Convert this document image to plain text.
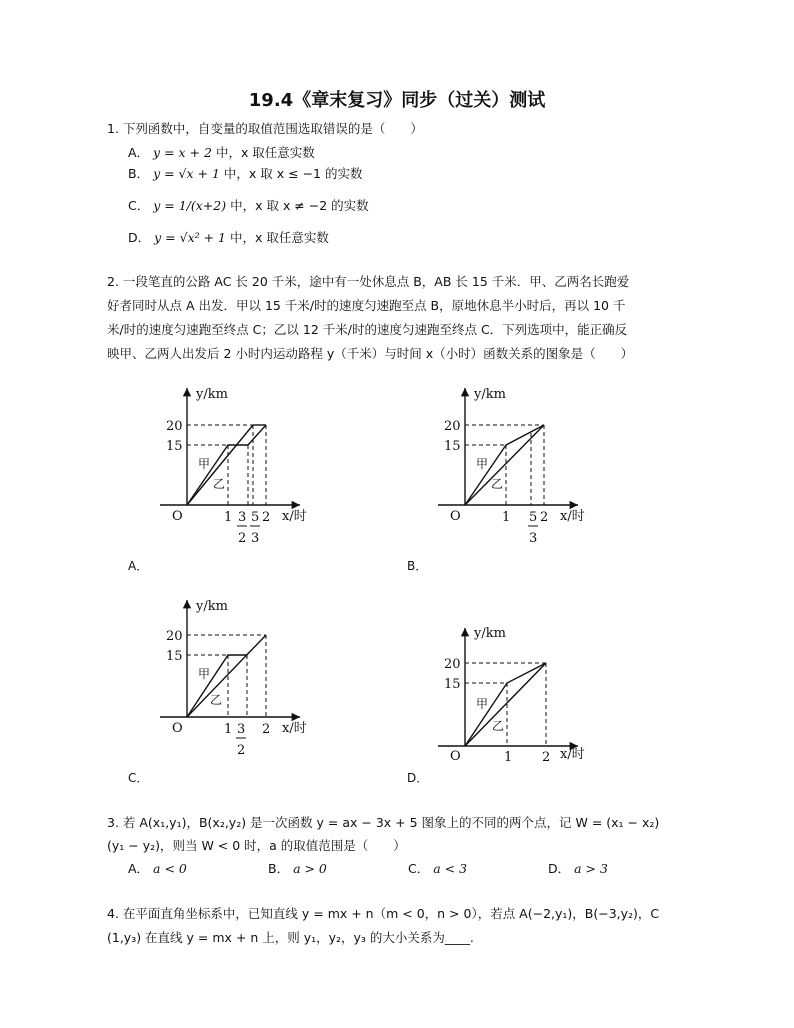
19.4《章末复习》同步（过关）测试
1. 下列函数中，自变量的取值范围选取错误的是（　　）
A． y = x + 2 中，x 取任意实数
B． y = √x + 1 中，x 取 x ≤ −1 的实数
C． y = 1/(x+2) 中，x 取 x ≠ −2 的实数
D． y = √x² + 1 中，x 取任意实数
2. 一段笔直的公路 AC 长 20 千米，途中有一处休息点 B，AB 长 15 千米．甲、乙两名长跑爱
好者同时从点 A 出发．甲以 15 千米/时的速度匀速跑至点 B，原地休息半小时后，再以 10 千
米/时的速度匀速跑至终点 C；乙以 12 千米/时的速度匀速跑至终点 C．下列选项中，能正确反
映甲、乙两人出发后 2 小时内运动路程 y（千米）与时间 x（小时）函数关系的图象是（　　）
y/km
x/时
O
20
15
甲
乙
1 3
2
5
3
2
A．
y/km
x/时
O
20
15
甲
乙
1 5
3
2
B．
y/km
x/时
O
20
15
甲
乙
1 3
2
2
C．
y/km
x/时
O
20
15
甲
乙
1 2
D．
3. 若 A(x₁,y₁)，B(x₂,y₂) 是一次函数 y = ax − 3x + 5 图象上的不同的两个点，记 W = (x₁ − x₂)
(y₁ − y₂)，则当 W < 0 时，a 的取值范围是（　　）
A． a < 0	B． a > 0	C． a < 3	D． a > 3
4. 在平面直角坐标系中，已知直线 y = mx + n（m < 0，n > 0），若点 A(−2,y₁)，B(−3,y₂)，C
(1,y₃) 在直线 y = mx + n 上，则 y₁，y₂，y₃ 的大小关系为____.
